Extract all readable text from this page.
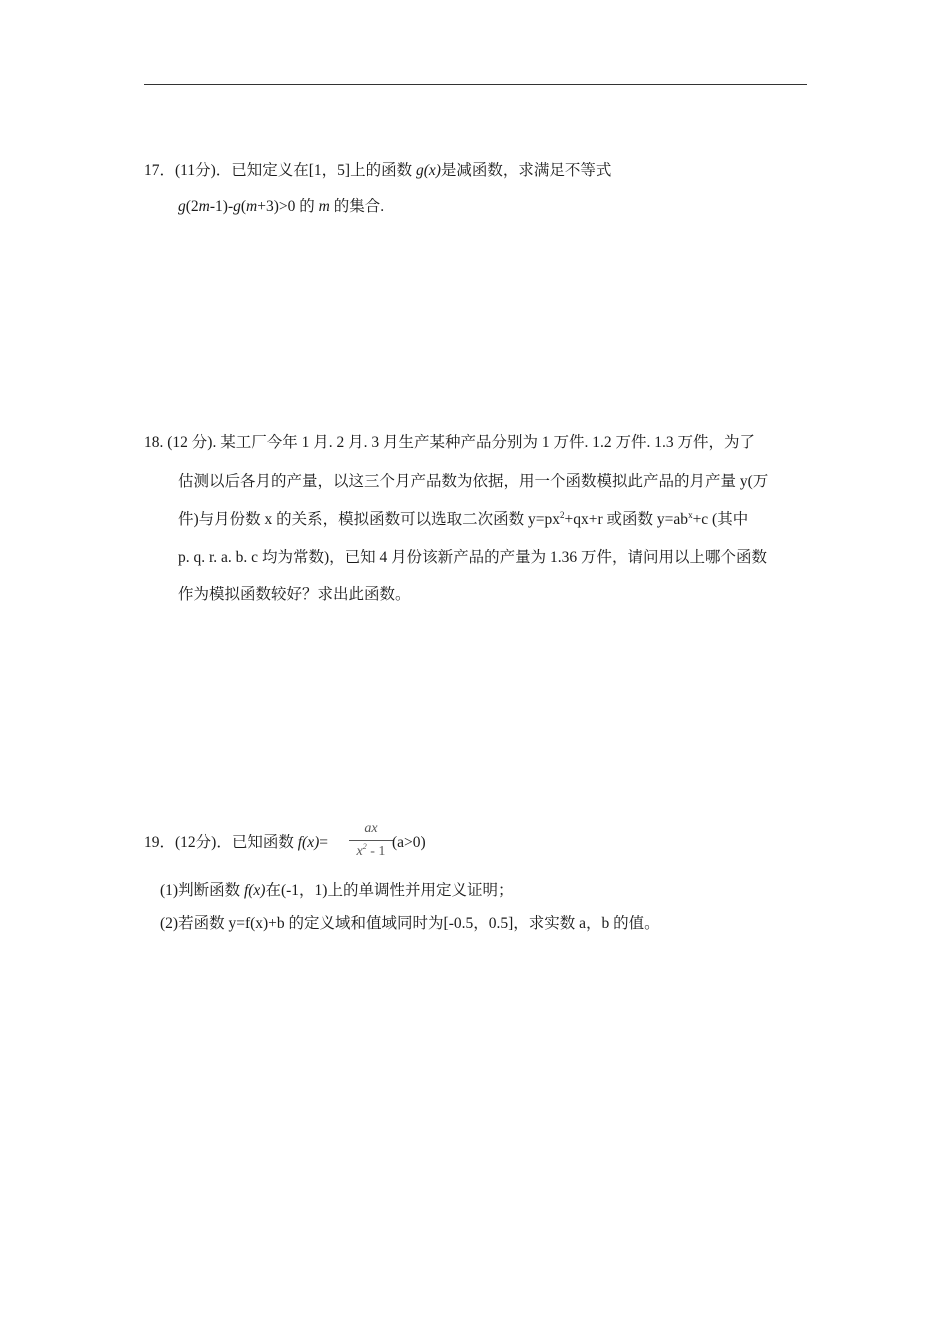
17．(11分)．已知定义在[1，5]上的函数 g(x)是减函数，求满足不等式
g(2m-1)-g(m+3)>0 的 m 的集合.
18. (12 分). 某工厂今年 1 月. 2 月. 3 月生产某种产品分别为 1 万件. 1.2 万件. 1.3 万件，为了
估测以后各月的产量，以这三个月产品数为依据，用一个函数模拟此产品的月产量 y(万
件)与月份数 x 的关系，模拟函数可以选取二次函数 $y=px^2+qx+r$ 或函数 $y=ab^x+c$ (其中
p. q. r. a. b. c 均为常数)，已知 4 月份该新产品的产量为 1.36 万件，请问用以上哪个函数
作为模拟函数较好？求出此函数。
19．(12分)．已知函数 f(x)=
ax
$x^2 - 1$
(a>0)
(1)判断函数 f(x)在(-1，1)上的单调性并用定义证明；
(2)若函数 y=f(x)+b 的定义域和值域同时为[-0.5，0.5]，求实数 a，b 的值。
